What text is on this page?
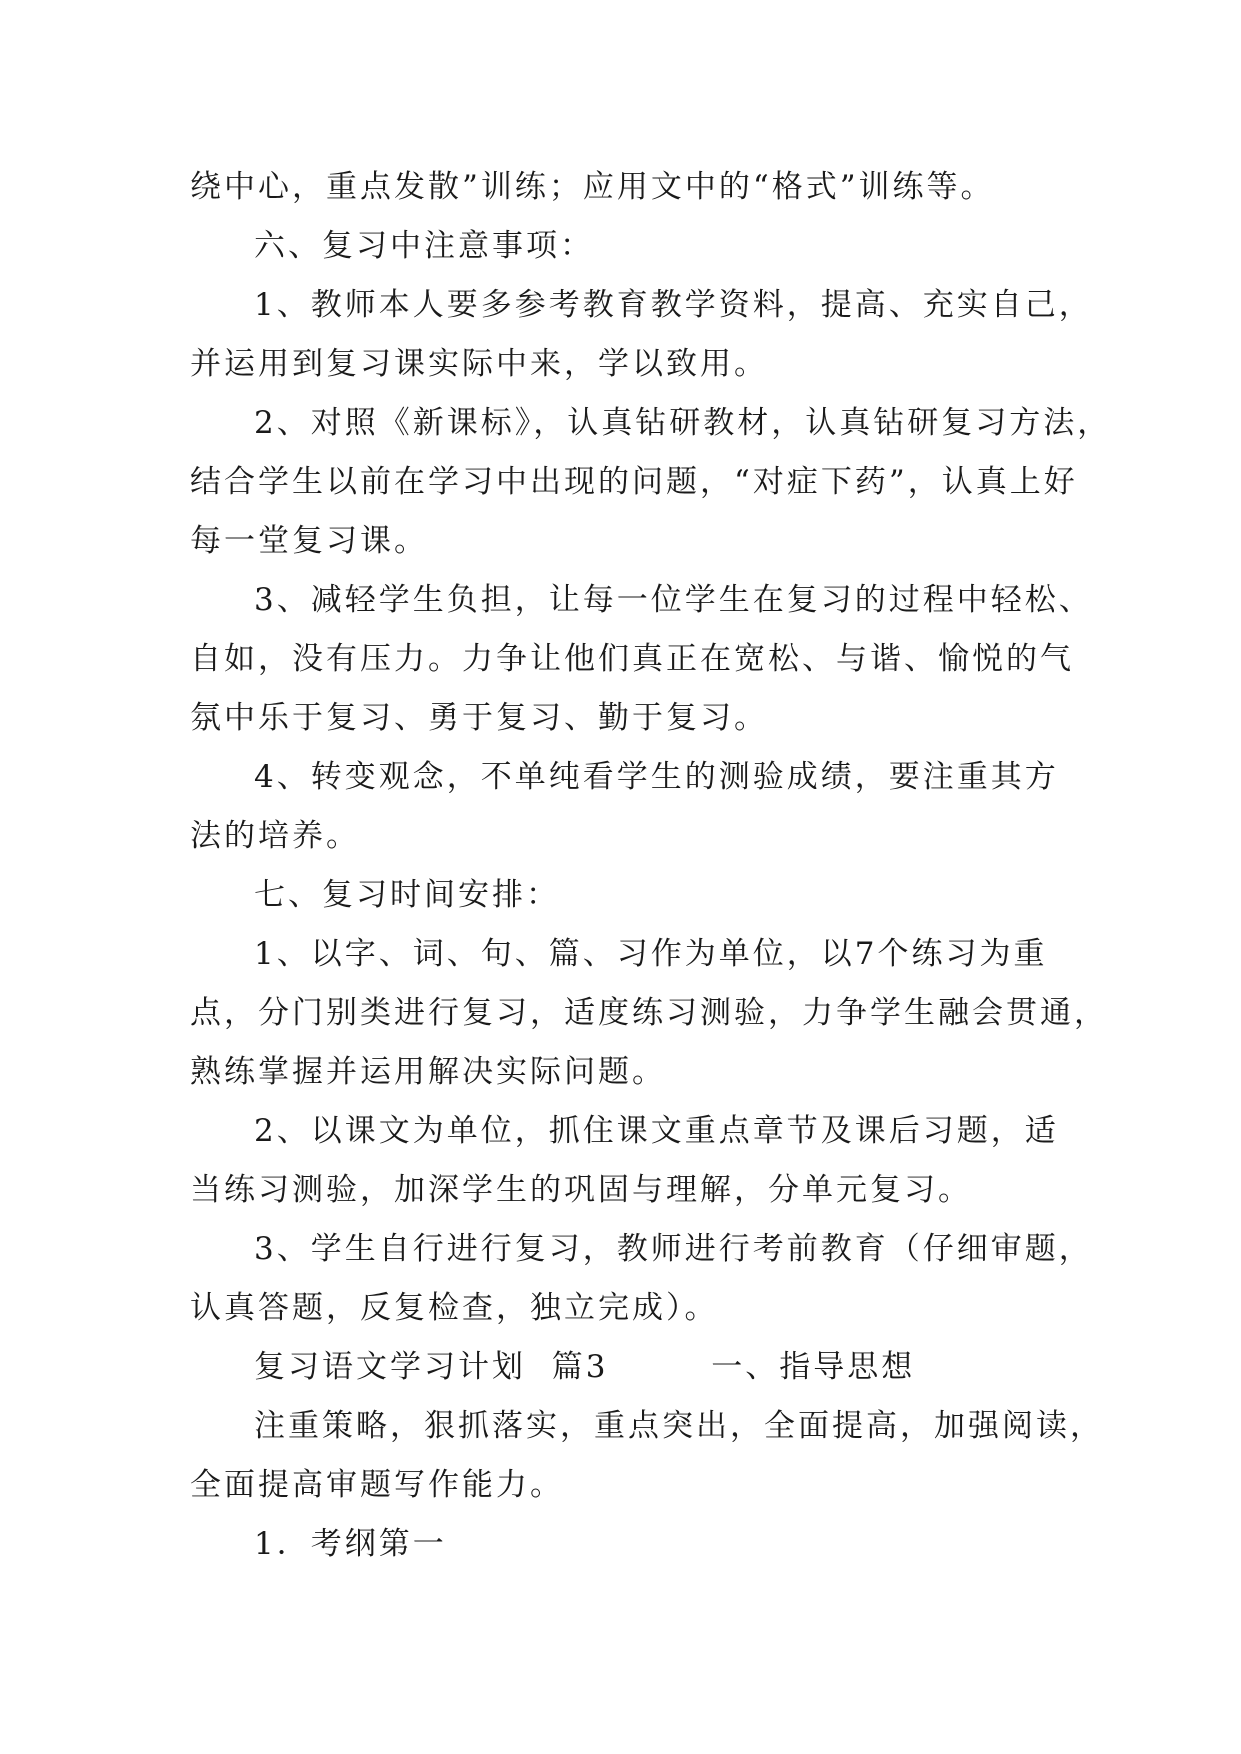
绕中心，重点发散”训练；应用文中的“格式”训练等。
六、复习中注意事项：
1、教师本人要多参考教育教学资料，提高、充实自己，
并运用到复习课实际中来，学以致用。
2、对照《新课标》，认真钻研教材，认真钻研复习方法，
结合学生以前在学习中出现的问题，“对症下药”，认真上好
每一堂复习课。
3、减轻学生负担，让每一位学生在复习的过程中轻松、
自如，没有压力。力争让他们真正在宽松、与谐、愉悦的气
氛中乐于复习、勇于复习、勤于复习。
4、转变观念，不单纯看学生的测验成绩，要注重其方
法的培养。
七、复习时间安排：
1、以字、词、句、篇、习作为单位，以7个练习为重
点，分门别类进行复习，适度练习测验，力争学生融会贯通，
熟练掌握并运用解决实际问题。
2、以课文为单位，抓住课文重点章节及课后习题，适
当练习测验，加深学生的巩固与理解，分单元复习。
3、学生自行进行复习，教师进行考前教育（仔细审题，
认真答题，反复检查，独立完成）。
复习语文学习计划  篇3        一、指导思想
注重策略，狠抓落实，重点突出，全面提高，加强阅读，
全面提高审题写作能力。
1．考纲第一
